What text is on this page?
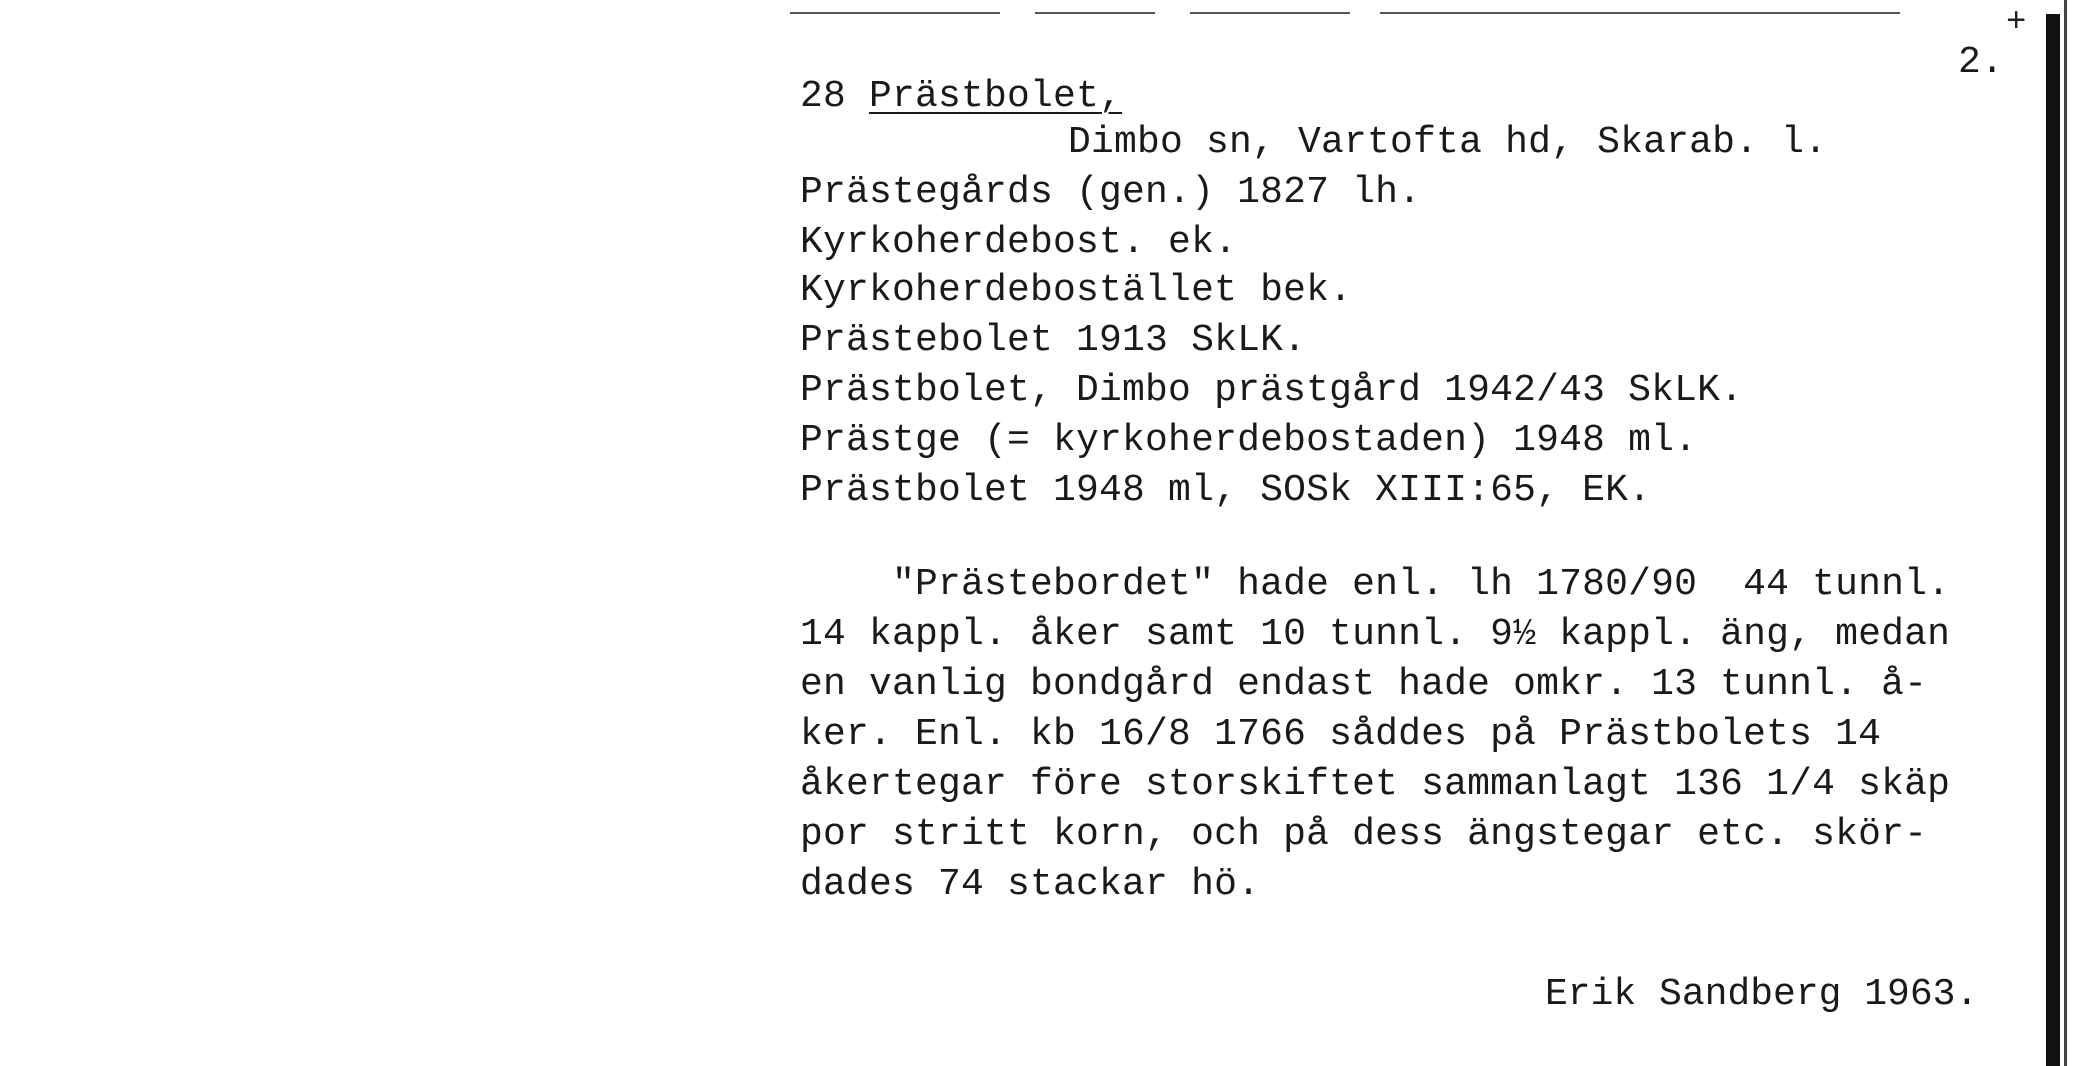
+
2.
28 Prästbolet,
Dimbo sn, Vartofta hd, Skarab. l.
Prästegårds (gen.) 1827 lh.
Kyrkoherdebost. ek.
Kyrkoherdebostället bek.
Prästebolet 1913 SkLK.
Prästbolet, Dimbo prästgård 1942/43 SkLK.
Prästge (= kyrkoherdebostaden) 1948 ml.
Prästbolet 1948 ml, SOSk XIII:65, EK.
"Prästebordet" hade enl. lh 1780/90  44 tunnl.
14 kappl. åker samt 10 tunnl. 9½ kappl. äng, medan
en vanlig bondgård endast hade omkr. 13 tunnl. å-
ker. Enl. kb 16/8 1766 såddes på Prästbolets 14
åkertegar före storskiftet sammanlagt 136 1/4 skäp
por stritt korn, och på dess ängstegar etc. skör-
dades 74 stackar hö.
Erik Sandberg 1963.
